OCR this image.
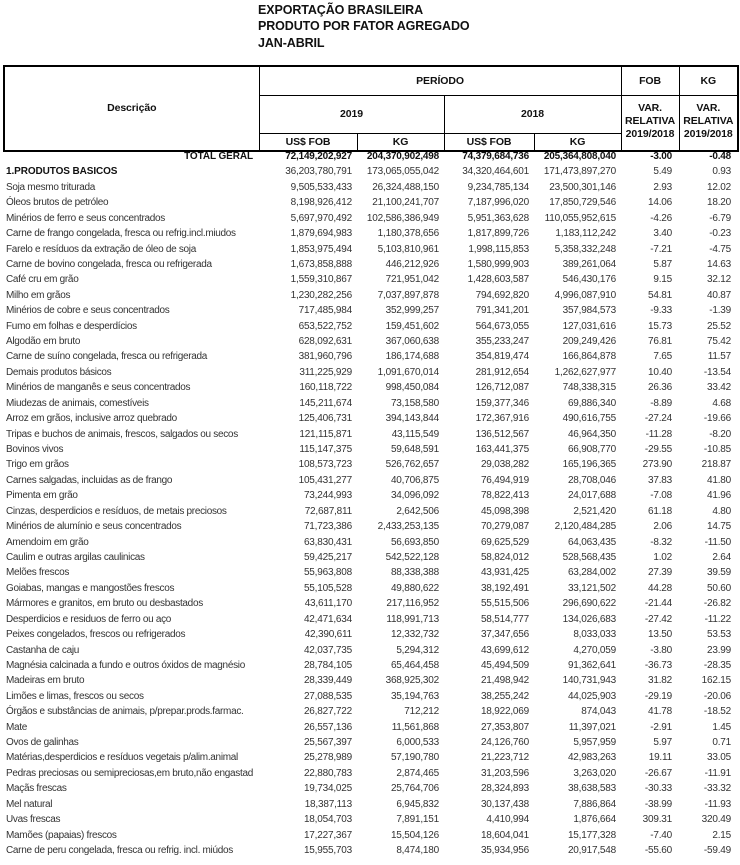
EXPORTAÇÃO BRASILEIRA
PRODUTO POR FATOR AGREGADO
JAN-ABRIL
Descrição	PERÍODO				FOB	KG
	2019		2018		VAR. RELATIVA 2019/2018	VAR. RELATIVA 2019/2018
	US$ FOB	KG	US$ FOB	KG		
TOTAL GERAL	72,149,202,927	204,370,902,498	74,379,684,736	205,364,808,040	-3.00	-0.48
1.PRODUTOS BASICOS	36,203,780,791	173,065,055,042	34,320,464,601	171,473,897,270	5.49	0.93
Soja mesmo triturada	9,505,533,433	26,324,488,150	9,234,785,134	23,500,301,146	2.93	12.02
Óleos brutos de petróleo	8,198,926,412	21,100,241,707	7,187,996,020	17,850,729,546	14.06	18.20
Minérios de ferro e seus concentrados	5,697,970,492	102,586,386,949	5,951,363,628	110,055,952,615	-4.26	-6.79
Carne de frango congelada, fresca ou refrig.incl.miudos	1,879,694,983	1,180,378,656	1,817,899,726	1,183,112,242	3.40	-0.23
Farelo e resíduos da extração de óleo de soja	1,853,975,494	5,103,810,961	1,998,115,853	5,358,332,248	-7.21	-4.75
Carne de bovino congelada, fresca ou refrigerada	1,673,858,888	446,212,926	1,580,999,903	389,261,064	5.87	14.63
Café cru em grão	1,559,310,867	721,951,042	1,428,603,587	546,430,176	9.15	32.12
Milho em grãos	1,230,282,256	7,037,897,878	794,692,820	4,996,087,910	54.81	40.87
Minérios de cobre e seus concentrados	717,485,984	352,999,257	791,341,201	357,984,573	-9.33	-1.39
Fumo em folhas e desperdícios	653,522,752	159,451,602	564,673,055	127,031,616	15.73	25.52
Algodão em bruto	628,092,631	367,060,638	355,233,247	209,249,426	76.81	75.42
Carne de suíno congelada, fresca ou refrigerada	381,960,796	186,174,688	354,819,474	166,864,878	7.65	11.57
Demais produtos básicos	311,225,929	1,091,670,014	281,912,654	1,262,627,977	10.40	-13.54
Minérios de manganês e seus concentrados	160,118,722	998,450,084	126,712,087	748,338,315	26.36	33.42
Miudezas de animais, comestíveis	145,211,674	73,158,580	159,377,346	69,886,340	-8.89	4.68
Arroz em grãos, inclusive arroz quebrado	125,406,731	394,143,844	172,367,916	490,616,755	-27.24	-19.66
Tripas e buchos de animais, frescos, salgados ou secos	121,115,871	43,115,549	136,512,567	46,964,350	-11.28	-8.20
Bovinos vivos	115,147,375	59,648,591	163,441,375	66,908,770	-29.55	-10.85
Trigo em grãos	108,573,723	526,762,657	29,038,282	165,196,365	273.90	218.87
Carnes salgadas, incluidas as de frango	105,431,277	40,706,875	76,494,919	28,708,046	37.83	41.80
Pimenta em grão	73,244,993	34,096,092	78,822,413	24,017,688	-7.08	41.96
Cinzas, desperdicios e resíduos, de metais preciosos	72,687,811	2,642,506	45,098,398	2,521,420	61.18	4.80
Minérios de alumínio e seus concentrados	71,723,386	2,433,253,135	70,279,087	2,120,484,285	2.06	14.75
Amendoim em grão	63,830,431	56,693,850	69,625,529	64,063,435	-8.32	-11.50
Caulim e outras argilas caulinicas	59,425,217	542,522,128	58,824,012	528,568,435	1.02	2.64
Melões frescos	55,963,808	88,338,388	43,931,425	63,284,002	27.39	39.59
Goiabas, mangas e mangostões frescos	55,105,528	49,880,622	38,192,491	33,121,502	44.28	50.60
Mármores e granitos, em bruto ou desbastados	43,611,170	217,116,952	55,515,506	296,690,622	-21.44	-26.82
Desperdicios e residuos de ferro ou aço	42,471,634	118,991,713	58,514,777	134,026,683	-27.42	-11.22
Peixes congelados, frescos ou refrigerados	42,390,611	12,332,732	37,347,656	8,033,033	13.50	53.53
Castanha de caju	42,037,735	5,294,312	43,699,612	4,270,059	-3.80	23.99
Magnésia calcinada a fundo e outros óxidos de magnésio	28,784,105	65,464,458	45,494,509	91,362,641	-36.73	-28.35
Madeiras em bruto	28,339,449	368,925,302	21,498,942	140,731,943	31.82	162.15
Limões e limas, frescos ou secos	27,088,535	35,194,763	38,255,242	44,025,903	-29.19	-20.06
Órgãos e substâncias de animais, p/prepar.prods.farmac.	26,827,722	712,212	18,922,069	874,043	41.78	-18.52
Mate	26,557,136	11,561,868	27,353,807	11,397,021	-2.91	1.45
Ovos de galinhas	25,567,397	6,000,533	24,126,760	5,957,959	5.97	0.71
Matérias,desperdicios e resíduos vegetais p/alim.animal	25,278,989	57,190,780	21,223,712	42,983,263	19.11	33.05
Pedras preciosas ou semipreciosas,em bruto,não engastad	22,880,783	2,874,465	31,203,596	3,263,020	-26.67	-11.91
Maçãs frescas	19,734,025	25,764,706	28,324,893	38,638,583	-30.33	-33.32
Mel natural	18,387,113	6,945,832	30,137,438	7,886,864	-38.99	-11.93
Uvas frescas	18,054,703	7,891,151	4,410,994	1,876,664	309.31	320.49
Mamões (papaias) frescos	17,227,367	15,504,126	18,604,041	15,177,328	-7.40	2.15
Carne de peru congelada, fresca ou refrig. incl. miúdos	15,955,703	8,474,180	35,934,956	20,917,548	-55.60	-59.49
